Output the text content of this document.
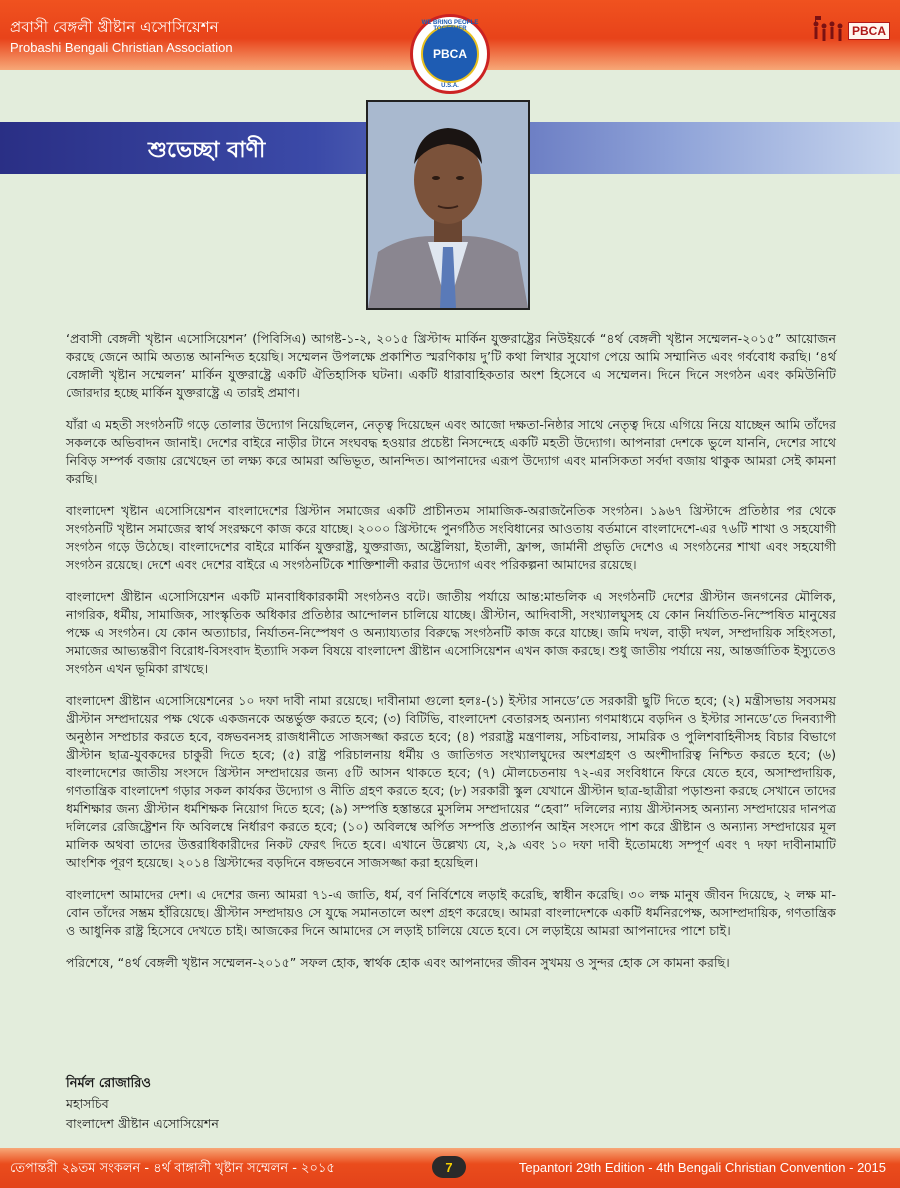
প্রবাসী বেঙ্গলী খ্রীষ্টান এসোসিয়েশন
Probashi Bengali Christian Association
WE BRING PEOPLE TOGETHER
PBCA
U.S.A.
PBCA
শুভেচ্ছা বাণী

‘প্রবাসী বেঙ্গলী খৃষ্টান এসোসিয়েশন’ (পিবিসিএ) আগষ্ট-১-২, ২০১৫ খ্রিস্টাব্দ মার্কিন যুক্তরাষ্ট্রের নিউইয়র্কে “৪র্থ বেঙ্গলী খৃষ্টান সম্মেলন-২০১৫” আয়োজন করছে জেনে আমি অত্যন্ত আনন্দিত হয়েছি। সম্মেলন উপলক্ষে প্রকাশিত স্মরণিকায় দু’টি কথা লিখার সুযোগ পেয়ে আমি সম্মানিত এবং গর্ববোধ করছি। ‘৪র্থ বেঙ্গালী খৃষ্টান সম্মেলন’ মার্কিন যুক্তরাষ্ট্রে একটি ঐতিহাসিক ঘটনা। একটি ধারাবাহিকতার অংশ হিসেবে এ সম্মেলন। দিনে দিনে সংগঠন এবং কমিউনিটি জোরদার হচ্ছে মার্কিন যুক্তরাষ্ট্রে এ তারই প্রমাণ।

যাঁরা এ মহতী সংগঠনটি গড়ে তোলার উদ্যোগ নিয়েছিলেন, নেতৃত্ব দিয়েছেন এবং আজো দক্ষতা-নিষ্ঠার সাথে নেতৃত্ব দিয়ে এগিয়ে নিয়ে যাচ্ছেন আমি তাঁদের সকলকে অভিবাদন জানাই। দেশের বাইরে নাড়ীর টানে সংঘবদ্ধ হওয়ার প্রচেষ্টা নিসন্দেহে একটি মহতী উদ্যোগ। আপনারা দেশকে ভুলে যাননি, দেশের সাথে নিবিড় সম্পর্ক বজায় রেখেছেন তা লক্ষ্য করে আমরা অভিভূত, আনন্দিত। আপনাদের এরূপ উদ্যোগ এবং মানসিকতা সর্বদা বজায় থাকুক আমরা সেই কামনা করছি।

বাংলাদেশ খৃষ্টান এসোসিয়েশন বাংলাদেশের খ্রিস্টান সমাজের একটি প্রাচীনতম সামাজিক-অরাজনৈতিক সংগঠন। ১৯৬৭ খ্রিস্টাব্দে প্রতিষ্ঠার পর থেকে সংগঠনটি খৃষ্টান সমাজের স্বার্থ সংরক্ষণে কাজ করে যাচ্ছে। ২০০০ খ্রিস্টাব্দে পুনর্গঠিত সংবিধানের আওতায় বর্তমানে বাংলাদেশে-এর ৭৬টি শাখা ও সহযোগী সংগঠন গড়ে উঠেছে। বাংলাদেশের বাইরে মার্কিন যুক্তরাষ্ট্র, যুক্তরাজ্য, অষ্ট্রেলিয়া, ইতালী, ফ্রান্স, জার্মানী প্রভৃতি দেশেও এ সংগঠনের শাখা এবং সহযোগী সংগঠন রয়েছে। দেশে এবং দেশের বাইরে এ সংগঠনটিকে শাক্তিশালী করার উদ্যোগ এবং পরিকল্পনা আমাদের রয়েছে।

বাংলাদেশ খ্রীষ্টান এসোসিয়েশন একটি মানবাধিকারকামী সংগঠনও বটে। জাতীয় পর্যায়ে আন্ত:মান্ডলিক এ সংগঠনটি দেশের খ্রীস্টান জনগনের মৌলিক, নাগরিক, ধর্মীয়, সামাজিক, সাংস্কৃতিক অধিকার প্রতিষ্ঠার আন্দোলন চালিয়ে যাচ্ছে। খ্রীস্টান, আদিবাসী, সংখ্যালঘুসহ যে কোন নির্যাতিত-নিস্পেষিত মানুষের পক্ষে এ সংগঠন। যে কোন অত্যাচার, নির্যাতন-নিস্পেষণ ও অন্যায্যতার বিরুদ্ধে সংগঠনটি কাজ করে যাচ্ছে। জমি দখল, বাড়ী দখল, সম্প্রদায়িক সহিংসতা, সমাজের আভ্যন্তরীণ বিরোধ-বিসংবাদ ইত্যাদি সকল বিষয়ে বাংলাদেশ খ্রীষ্টান এসোসিয়েশন এখন কাজ করছে। শুধু জাতীয় পর্যায়ে নয়, আন্তর্জাতিক ইস্যুতেও সংগঠন এখন ভূমিকা রাখছে।

বাংলাদেশ খ্রীষ্টান এসোসিয়েশনের ১০ দফা দাবী নামা রয়েছে। দাবীনামা গুলো হলঃ-(১) ইস্টার সানডে’তে সরকারী ছুটি দিতে হবে; (২) মন্ত্রীসভায় সবসময় খ্রীস্টান সম্প্রদায়ের পক্ষ থেকে একজনকে অন্তর্ভুক্ত করতে হবে; (৩) বিটিভি, বাংলাদেশ বেতারসহ অন্যান্য গণমাধ্যমে বড়দিন ও ইস্টার সানডে’তে দিনব্যাপী অনুষ্ঠান সম্প্রচার করতে হবে, বঙ্গভবনসহ রাজধানীতে সাজসজ্জা করতে হবে; (৪) পররাষ্ট্র মন্ত্রণালয়, সচিবালয়, সামরিক ও পুলিশবাহিনীসহ বিচার বিভাগে খ্রীস্টান ছাত্র-যুবকদের চাকুরী দিতে হবে; (৫) রাষ্ট্র পরিচালনায় ধর্মীয় ও জাতিগত সংখ্যালঘুদের অংশগ্রহণ ও অংশীদারিত্ব নিশ্চিত করতে হবে; (৬) বাংলাদেশের জাতীয় সংসদে খ্রিস্টান সম্প্রদায়ের জন্য ৫টি আসন থাকতে হবে; (৭) মৌলচেতনায় ৭২-এর সংবিধানে ফিরে যেতে হবে, অসাম্প্রদায়িক, গণতান্ত্রিক বাংলাদেশ গড়ার সকল কার্যকর উদ্যোগ ও নীতি গ্রহণ করতে হবে; (৮) সরকারী স্কুল যেখানে খ্রীস্টান ছাত্র-ছাত্রীরা পড়াশুনা করছে সেখানে তাদের ধর্মশিক্ষার জন্য খ্রীস্টান ধর্মশিক্ষক নিয়োগ দিতে হবে; (৯) সম্পত্তি হস্তান্তরে মুসলিম সম্প্রদায়ের “হেবা” দলিলের ন্যায় খ্রীস্টানসহ অন্যান্য সম্প্রদায়ের দানপত্র দলিলের রেজিষ্ট্রেশন ফি অবিলম্বে নির্ধারণ করতে হবে; (১০) অবিলম্বে অর্পিত সম্পত্তি প্রত্যার্পন আইন সংসদে পাশ করে খ্রীষ্টান ও অন্যান্য সম্প্রদায়ের মূল মালিক অথবা তাদের উত্তরাধিকারীদের নিকট ফেরৎ দিতে হবে। এখানে উল্লেখ্য যে, ২,৯ এবং ১০ দফা দাবী ইতোমধ্যে সম্পূর্ণ এবং ৭ দফা দাবীনামাটি আংশিক পূরণ হয়েছে। ২০১৪ খ্রিস্টাব্দের বড়দিনে বঙ্গভবনে সাজসজ্জা করা হয়েছিল।

বাংলাদেশ আমাদের দেশ। এ দেশের জন্য আমরা ৭১-এ জাতি, ধর্ম, বর্ণ নির্বিশেষে লড়াই করেছি, স্বাধীন করেছি। ৩০ লক্ষ মানুষ জীবন দিয়েছে, ২ লক্ষ মা-বোন তাঁদের সম্ভ্রম হাঁরিয়েছে। খ্রীস্টান সম্প্রদায়ও সে যুদ্ধে সমানতালে অংশ গ্রহণ করেছে। আমরা বাংলাদেশকে একটি ধর্মনিরপেক্ষ, অসাম্প্রদায়িক, গণতান্ত্রিক ও আধুনিক রাষ্ট্র হিসেবে দেখতে চাই। আজকের দিনে আমাদের সে লড়াই চালিয়ে যেতে হবে। সে লড়াইয়ে আমরা আপনাদের পাশে চাই।

পরিশেষে, “৪র্থ বেঙ্গলী খৃষ্টান সম্মেলন-২০১৫” সফল হোক, স্বার্থক হোক এবং আপনাদের জীবন সুখময় ও সুন্দর হোক সে কামনা করছি।

নির্মল রোজারিও
মহাসচিব
বাংলাদেশ খ্রীষ্টান এসোসিয়েশন
তেপান্তরী ২৯তম সংকলন - ৪র্থ বাঙ্গালী খৃষ্টান সম্মেলন - ২০১৫	7	Tepantori 29th Edition - 4th Bengali Christian Convention - 2015
